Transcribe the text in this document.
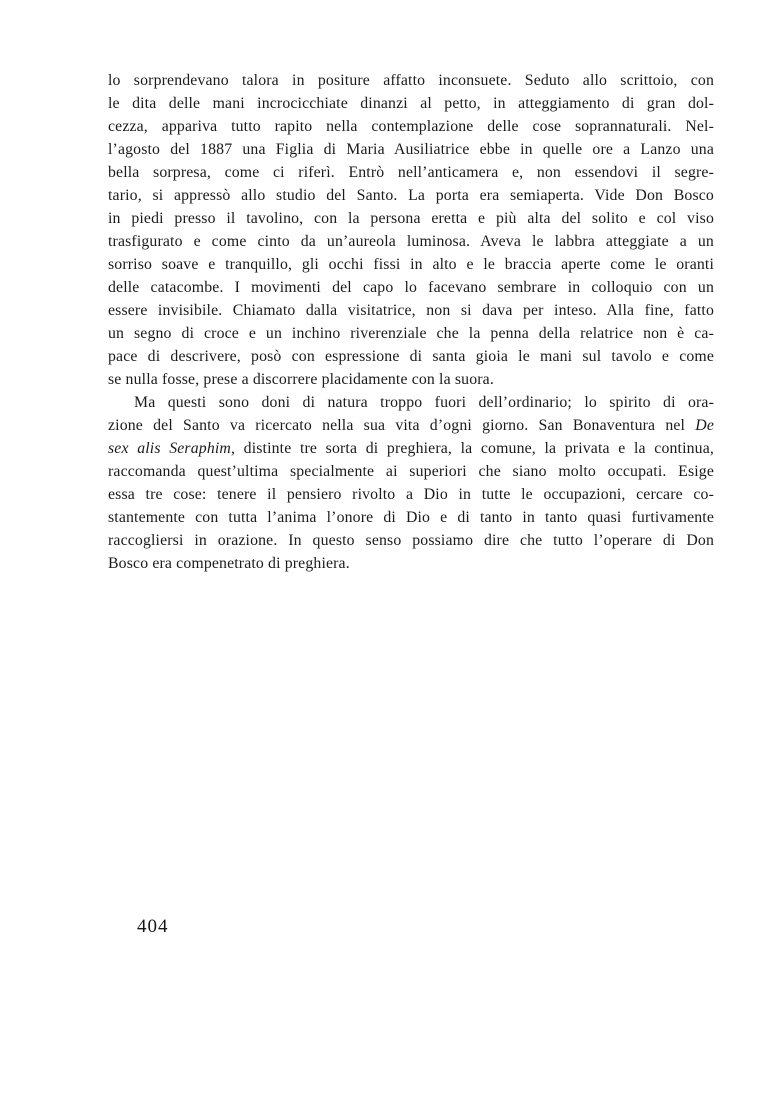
lo sorprendevano talora in positure affatto inconsuete. Seduto allo scrittoio, con
le dita delle mani incrocicchiate dinanzi al petto, in atteggiamento di gran dol-
cezza, appariva tutto rapito nella contemplazione delle cose soprannaturali. Nel-
l’agosto del 1887 una Figlia di Maria Ausiliatrice ebbe in quelle ore a Lanzo una
bella sorpresa, come ci riferì. Entrò nell’anticamera e, non essendovi il segre-
tario, si appressò allo studio del Santo. La porta era semiaperta. Vide Don Bosco
in piedi presso il tavolino, con la persona eretta e più alta del solito e col viso
trasfigurato e come cinto da un’aureola luminosa. Aveva le labbra atteggiate a un
sorriso soave e tranquillo, gli occhi fissi in alto e le braccia aperte come le oranti
delle catacombe. I movimenti del capo lo facevano sembrare in colloquio con un
essere invisibile. Chiamato dalla visitatrice, non si dava per inteso. Alla fine, fatto
un segno di croce e un inchino riverenziale che la penna della relatrice non è ca-
pace di descrivere, posò con espressione di santa gioia le mani sul tavolo e come
se nulla fosse, prese a discorrere placidamente con la suora.
Ma questi sono doni di natura troppo fuori dell’ordinario; lo spirito di ora-
zione del Santo va ricercato nella sua vita d’ogni giorno. San Bonaventura nel De
sex alis Seraphim, distinte tre sorta di preghiera, la comune, la privata e la continua,
raccomanda quest’ultima specialmente ai superiori che siano molto occupati. Esige
essa tre cose: tenere il pensiero rivolto a Dio in tutte le occupazioni, cercare co-
stantemente con tutta l’anima l’onore di Dio e di tanto in tanto quasi furtivamente
raccogliersi in orazione. In questo senso possiamo dire che tutto l’operare di Don
Bosco era compenetrato di preghiera.
404
